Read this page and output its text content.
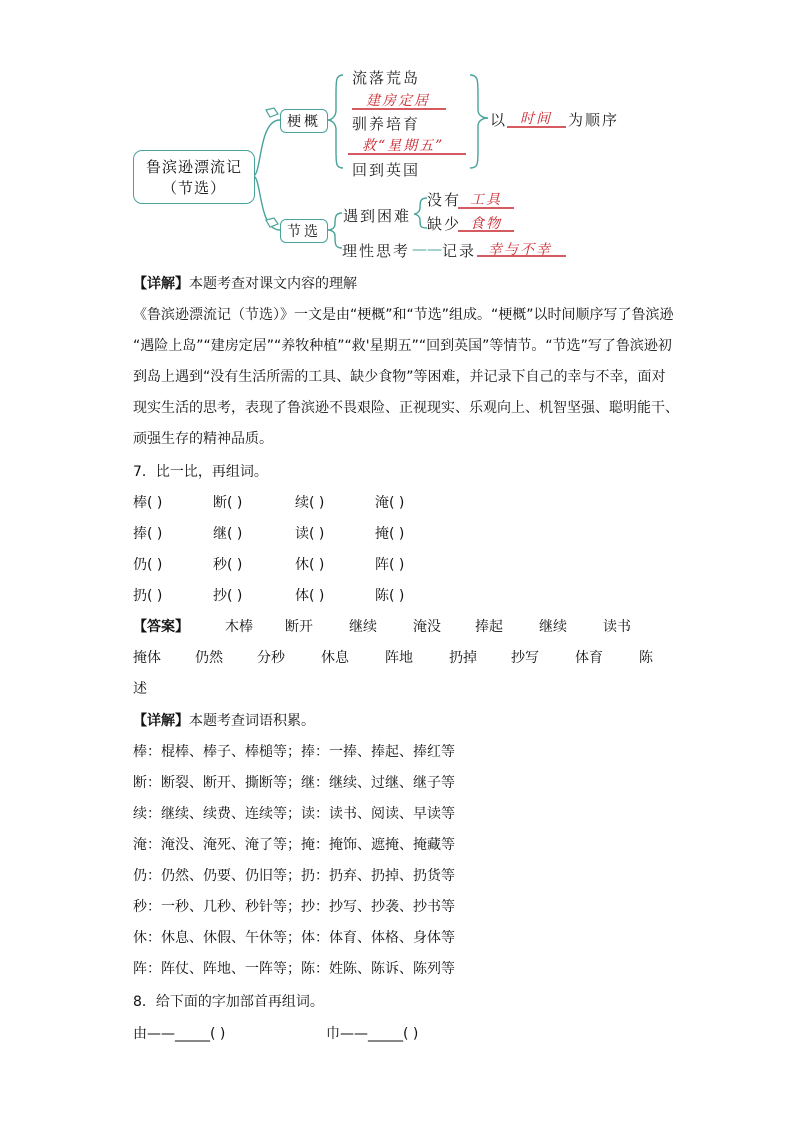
鲁滨逊漂流记
（节选）
梗概
节选
流落荒岛
建房定居
驯养培育
救“星期五”
回到英国
以 时间 为顺序
遇到困难
没有 工具
缺少 食物
理性思考 —— 记录 幸与不幸
【详解】本题考查对课文内容的理解
《鲁滨逊漂流记（节选）》一文是由“梗概”和“节选”组成。“梗概”以时间顺序写了鲁滨逊
“遇险上岛”“建房定居”“养牧种植”“救'星期五”“回到英国”等情节。“节选”写了鲁滨逊初
到岛上遇到“没有生活所需的工具、缺少食物”等困难，并记录下自己的幸与不幸，面对
现实生活的思考，表现了鲁滨逊不畏艰险、正视现实、乐观向上、机智坚强、聪明能干、
顽强生存的精神品质。
7．比一比，再组词。
棒( )	断( )	续( )	淹( )
捧( )	继( )	读( )	掩( )
仍( )	秒( )	休( )	阵( )
扔( )	抄( )	体( )	陈( )
【答案】	木棒 断开	继续	淹没 捧起	继续	读书
掩体 仍然 分秒	休息	阵地	扔掉 抄写	体育	陈
述
【详解】本题考查词语积累。
棒：棍棒、棒子、棒槌等；捧：一捧、捧起、捧红等
断：断裂、断开、撕断等；继：继续、过继、继子等
续：继续、续费、连续等；读：读书、阅读、早读等
淹：淹没、淹死、淹了等；掩：掩饰、遮掩、掩藏等
仍：仍然、仍要、仍旧等；扔：扔弃、扔掉、扔货等
秒：一秒、几秒、秒针等；抄：抄写、抄袭、抄书等
休：休息、休假、午休等；体：体育、体格、身体等
阵：阵仗、阵地、一阵等；陈：姓陈、陈诉、陈列等
8．给下面的字加部首再组词。
由——_____( )	巾——_____( )
